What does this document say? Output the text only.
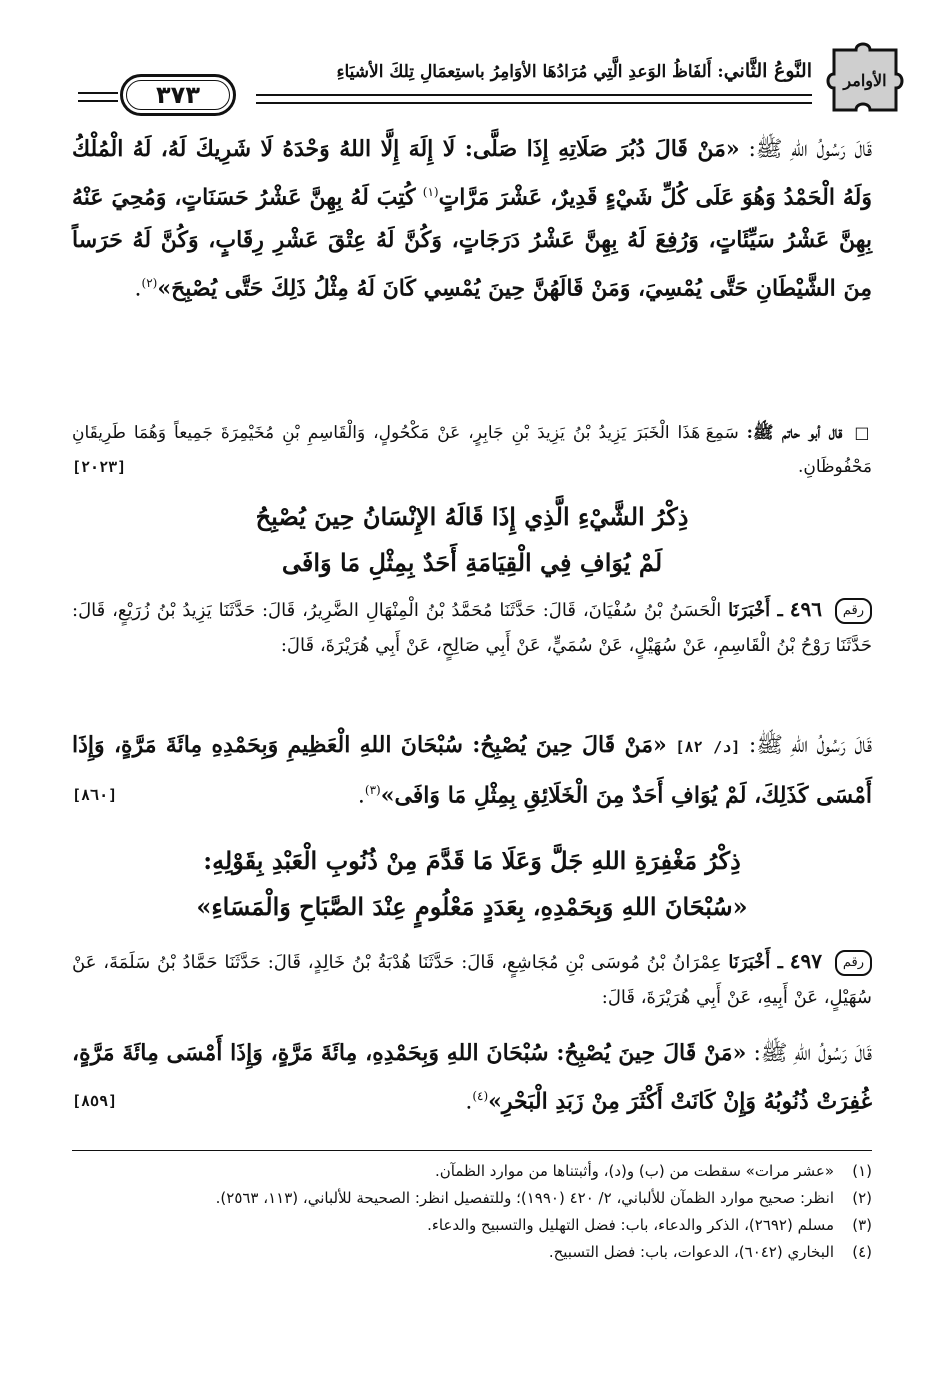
الأوامر
النَّوعُ الثَّاني: أَلفَاظُ الوَعدِ الَّتِي مُرَادُهَا الأوَامِرُ باستِعمَالِ تِلكَ الأشيَاءِ
٣٧٣
قَالَ رَسُولُ اللهِ ﷺ: «مَنْ قَالَ دُبُرَ صَلَاتِهِ إِذَا صَلَّى: لَا إِلَهَ إِلَّا اللهُ وَحْدَهُ لَا شَرِيكَ لَهُ، لَهُ الْمُلْكُ وَلَهُ الْحَمْدُ وَهُوَ عَلَى كُلِّ شَيْءٍ قَدِيرٌ، عَشْرَ مَرَّاتٍ$^{(١)}$ كُتِبَ لَهُ بِهِنَّ عَشْرُ حَسَنَاتٍ، وَمُحِيَ عَنْهُ بِهِنَّ عَشْرُ سَيِّئَاتٍ، وَرُفِعَ لَهُ بِهِنَّ عَشْرُ دَرَجَاتٍ، وَكُنَّ لَهُ عِتْقَ عَشْرِ رِقَابٍ، وَكُنَّ لَهُ حَرَساً مِنَ الشَّيْطَانِ حَتَّى يُمْسِيَ، وَمَنْ قَالَهُنَّ حِينَ يُمْسِي كَانَ لَهُ مِثْلُ ذَلِكَ حَتَّى يُصْبِحَ»$^{(٢)}$.
□ قال أبو حاتم ﷺ: سَمِعَ هَذَا الْخَبَرَ يَزِيدُ بْنُ يَزِيدَ بْنِ جَابِرٍ، عَنْ مَكْحُولٍ، وَالْقَاسِمِ بْنِ مُخَيْمِرَةَ جَمِيعاً وَهُمَا طَرِيقَانِ مَحْفُوظَانِ.
[٢٠٢٣]
ذِكْرُ الشَّيْءِ الَّذِي إِذَا قَالَهُ الإِنْسَانُ حِينَ يُصْبِحُ
لَمْ يُوَافِ فِي الْقِيَامَةِ أَحَدٌ بِمِثْلِ مَا وَافَى
رقم ٤٩٦ ـ أَخْبَرَنَا الْحَسَنُ بْنُ سُفْيَانَ، قَالَ: حَدَّثَنَا مُحَمَّدُ بْنُ الْمِنْهَالِ الضَّرِيرُ، قَالَ: حَدَّثَنَا يَزِيدُ بْنُ زُرَيْعٍ، قَالَ: حَدَّثَنَا رَوْحُ بْنُ الْقَاسِمِ، عَنْ سُهَيْلٍ، عَنْ سُمَيٍّ، عَنْ أَبِي صَالِحٍ، عَنْ أَبِي هُرَيْرَةَ، قَالَ:
قَالَ رَسُولُ اللهِ ﷺ: [د/ ٨٢] «مَنْ قَالَ حِينَ يُصْبِحُ: سُبْحَانَ اللهِ الْعَظِيمِ وَبِحَمْدِهِ مِائَةَ مَرَّةٍ، وَإِذَا أَمْسَى كَذَلِكَ، لَمْ يُوَافِ أَحَدٌ مِنَ الْخَلَائِقِ بِمِثْلِ مَا وَافَى»$^{(٣)}$.
[٨٦٠]
ذِكْرُ مَغْفِرَةِ اللهِ جَلَّ وَعَلَا مَا قَدَّمَ مِنْ ذُنُوبِ الْعَبْدِ بِقَوْلِهِ:
«سُبْحَانَ اللهِ وَبِحَمْدِهِ، بِعَدَدٍ مَعْلُومٍ عِنْدَ الصَّبَاحِ وَالْمَسَاءِ»
رقم ٤٩٧ ـ أَخْبَرَنَا عِمْرَانُ بْنُ مُوسَى بْنِ مُجَاشِعٍ، قَالَ: حَدَّثَنَا هُدْبَةُ بْنُ خَالِدٍ، قَالَ: حَدَّثَنَا حَمَّادُ بْنُ سَلَمَةَ، عَنْ سُهَيْلٍ، عَنْ أَبِيهِ، عَنْ أَبِي هُرَيْرَةَ، قَالَ:
قَالَ رَسُولُ اللهِ ﷺ: «مَنْ قَالَ حِينَ يُصْبِحُ: سُبْحَانَ اللهِ وَبِحَمْدِهِ، مِائَةَ مَرَّةٍ، وَإِذَا أَمْسَى مِائَةَ مَرَّةٍ، غُفِرَتْ ذُنُوبُهُ وَإِنْ كَانَتْ أَكْثَرَ مِنْ زَبَدِ الْبَحْرِ»$^{(٤)}$.
[٨٥٩]
(١)
«عشر مرات» سقطت من (ب) و(د)، وأثبتناها من موارد الظمآن.
(٢)
انظر: صحيح موارد الظمآن للألباني، ٢/ ٤٢٠ (١٩٩٠)؛ وللتفصيل انظر: الصحيحة للألباني، (١١٣، ٢٥٦٣).
(٣)
مسلم (٢٦٩٢)، الذكر والدعاء، باب: فضل التهليل والتسبيح والدعاء.
(٤)
البخاري (٦٠٤٢)، الدعوات، باب: فضل التسبيح.
